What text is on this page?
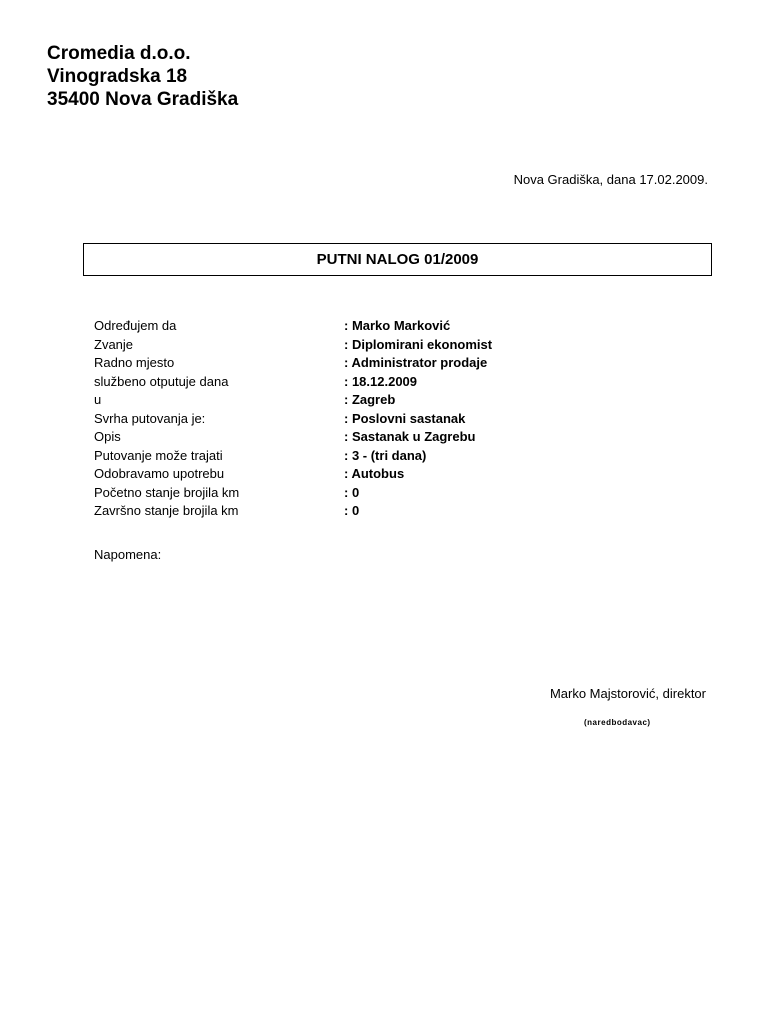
Cromedia d.o.o.
Vinogradska 18
35400 Nova Gradiška
Nova Gradiška, dana 17.02.2009.
PUTNI NALOG 01/2009
Određujem da	: Marko Marković
Zvanje	: Diplomirani ekonomist
Radno mjesto	: Administrator prodaje
službeno otputuje dana	: 18.12.2009
u	: Zagreb
Svrha putovanja je:	: Poslovni sastanak
Opis	: Sastanak u Zagrebu
Putovanje može trajati	: 3 - (tri dana)
Odobravamo upotrebu	: Autobus
Početno stanje brojila km	: 0
Završno stanje brojila km	: 0
Napomena:
Marko Majstorović, direktor
(naredbodavac)
